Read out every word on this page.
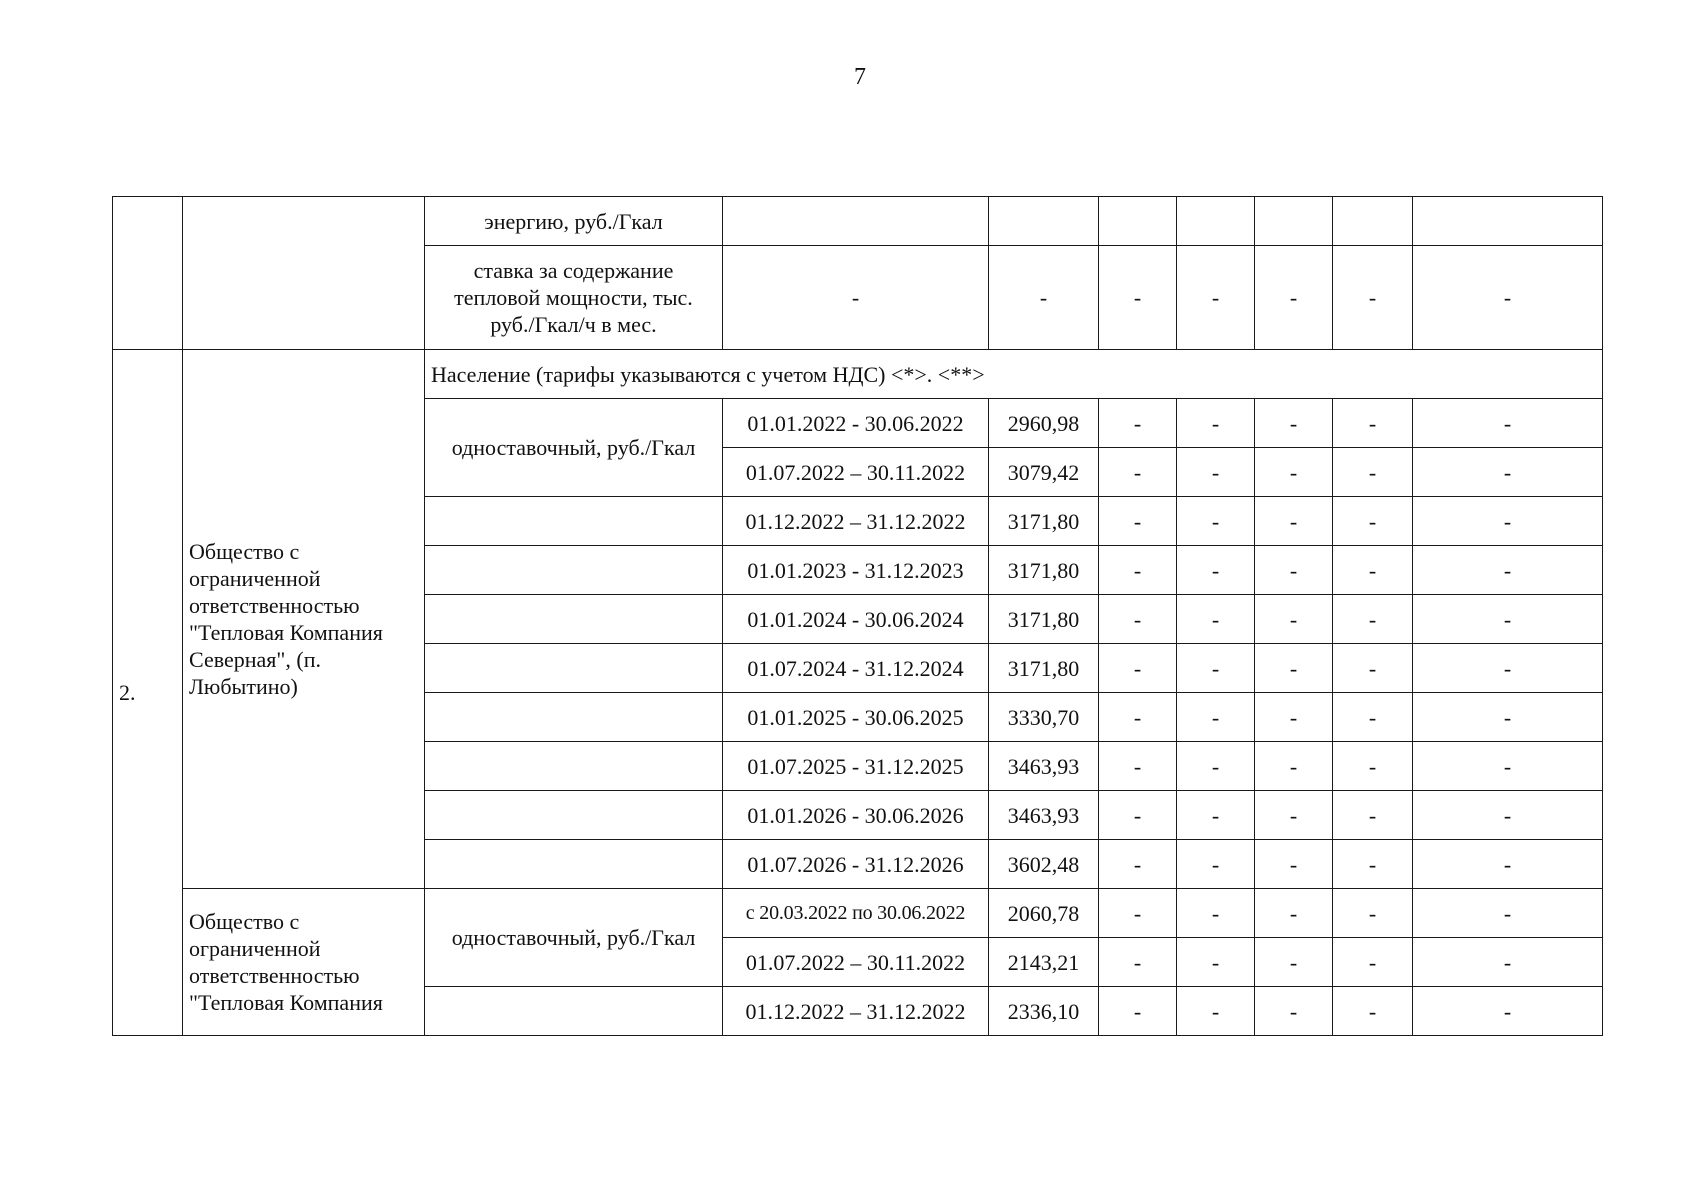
7
		энергию, руб./Гкал							
		ставка за содержание тепловой мощности, тыс. руб./Гкал/ч в мес.	-	-	-	-	-	-	-
2.	Общество с ограниченной ответственностью "Тепловая Компания Северная", (п. Любытино)	Население (тарифы указываются с учетом НДС) <*>. <**>							
		одноставочный, руб./Гкал	01.01.2022 - 30.06.2022	2960,98	-	-	-	-	-
			01.07.2022 – 30.11.2022	3079,42	-	-	-	-	-
			01.12.2022 – 31.12.2022	3171,80	-	-	-	-	-
			01.01.2023 - 31.12.2023	3171,80	-	-	-	-	-
			01.01.2024 - 30.06.2024	3171,80	-	-	-	-	-
			01.07.2024 - 31.12.2024	3171,80	-	-	-	-	-
			01.01.2025 - 30.06.2025	3330,70	-	-	-	-	-
			01.07.2025 - 31.12.2025	3463,93	-	-	-	-	-
			01.01.2026 - 30.06.2026	3463,93	-	-	-	-	-
			01.07.2026 - 31.12.2026	3602,48	-	-	-	-	-
	Общество с ограниченной ответственностью "Тепловая Компания	одноставочный, руб./Гкал	с 20.03.2022 по 30.06.2022	2060,78	-	-	-	-	-
			01.07.2022 – 30.11.2022	2143,21	-	-	-	-	-
			01.12.2022 – 31.12.2022	2336,10	-	-	-	-	-
